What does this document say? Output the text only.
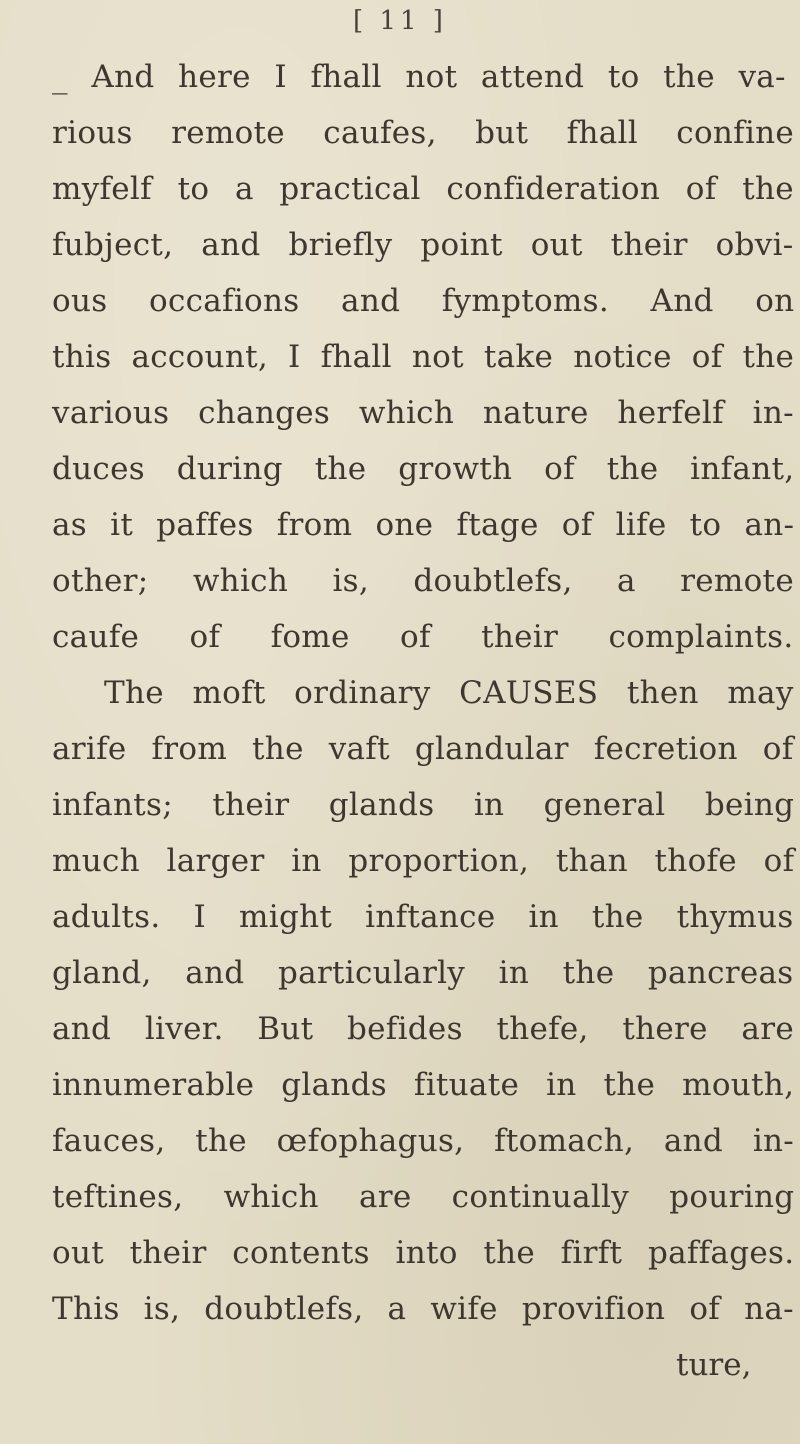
[ 11 ]
_ And here I fhall not attend to the va-
rious remote caufes, but fhall confine
myfelf to a practical confideration of the
fubject, and briefly point out their obvi-
ous occafions and fymptoms. And on
this account, I fhall not take notice of the
various changes which nature herfelf in-
duces during the growth of the infant,
as it paffes from one ftage of life to an-
other; which is, doubtlefs, a remote
caufe of fome of their complaints.
The moft ordinary CAUSES then may
arife from the vaft glandular fecretion of
infants; their glands in general being
much larger in proportion, than thofe of
adults. I might inftance in the thymus
gland, and particularly in the pancreas
and liver. But befides thefe, there are
innumerable glands fituate in the mouth,
fauces, the œfophagus, ftomach, and in-
teftines, which are continually pouring
out their contents into the firft paffages.
This is, doubtlefs, a wife provifion of na-
ture,
